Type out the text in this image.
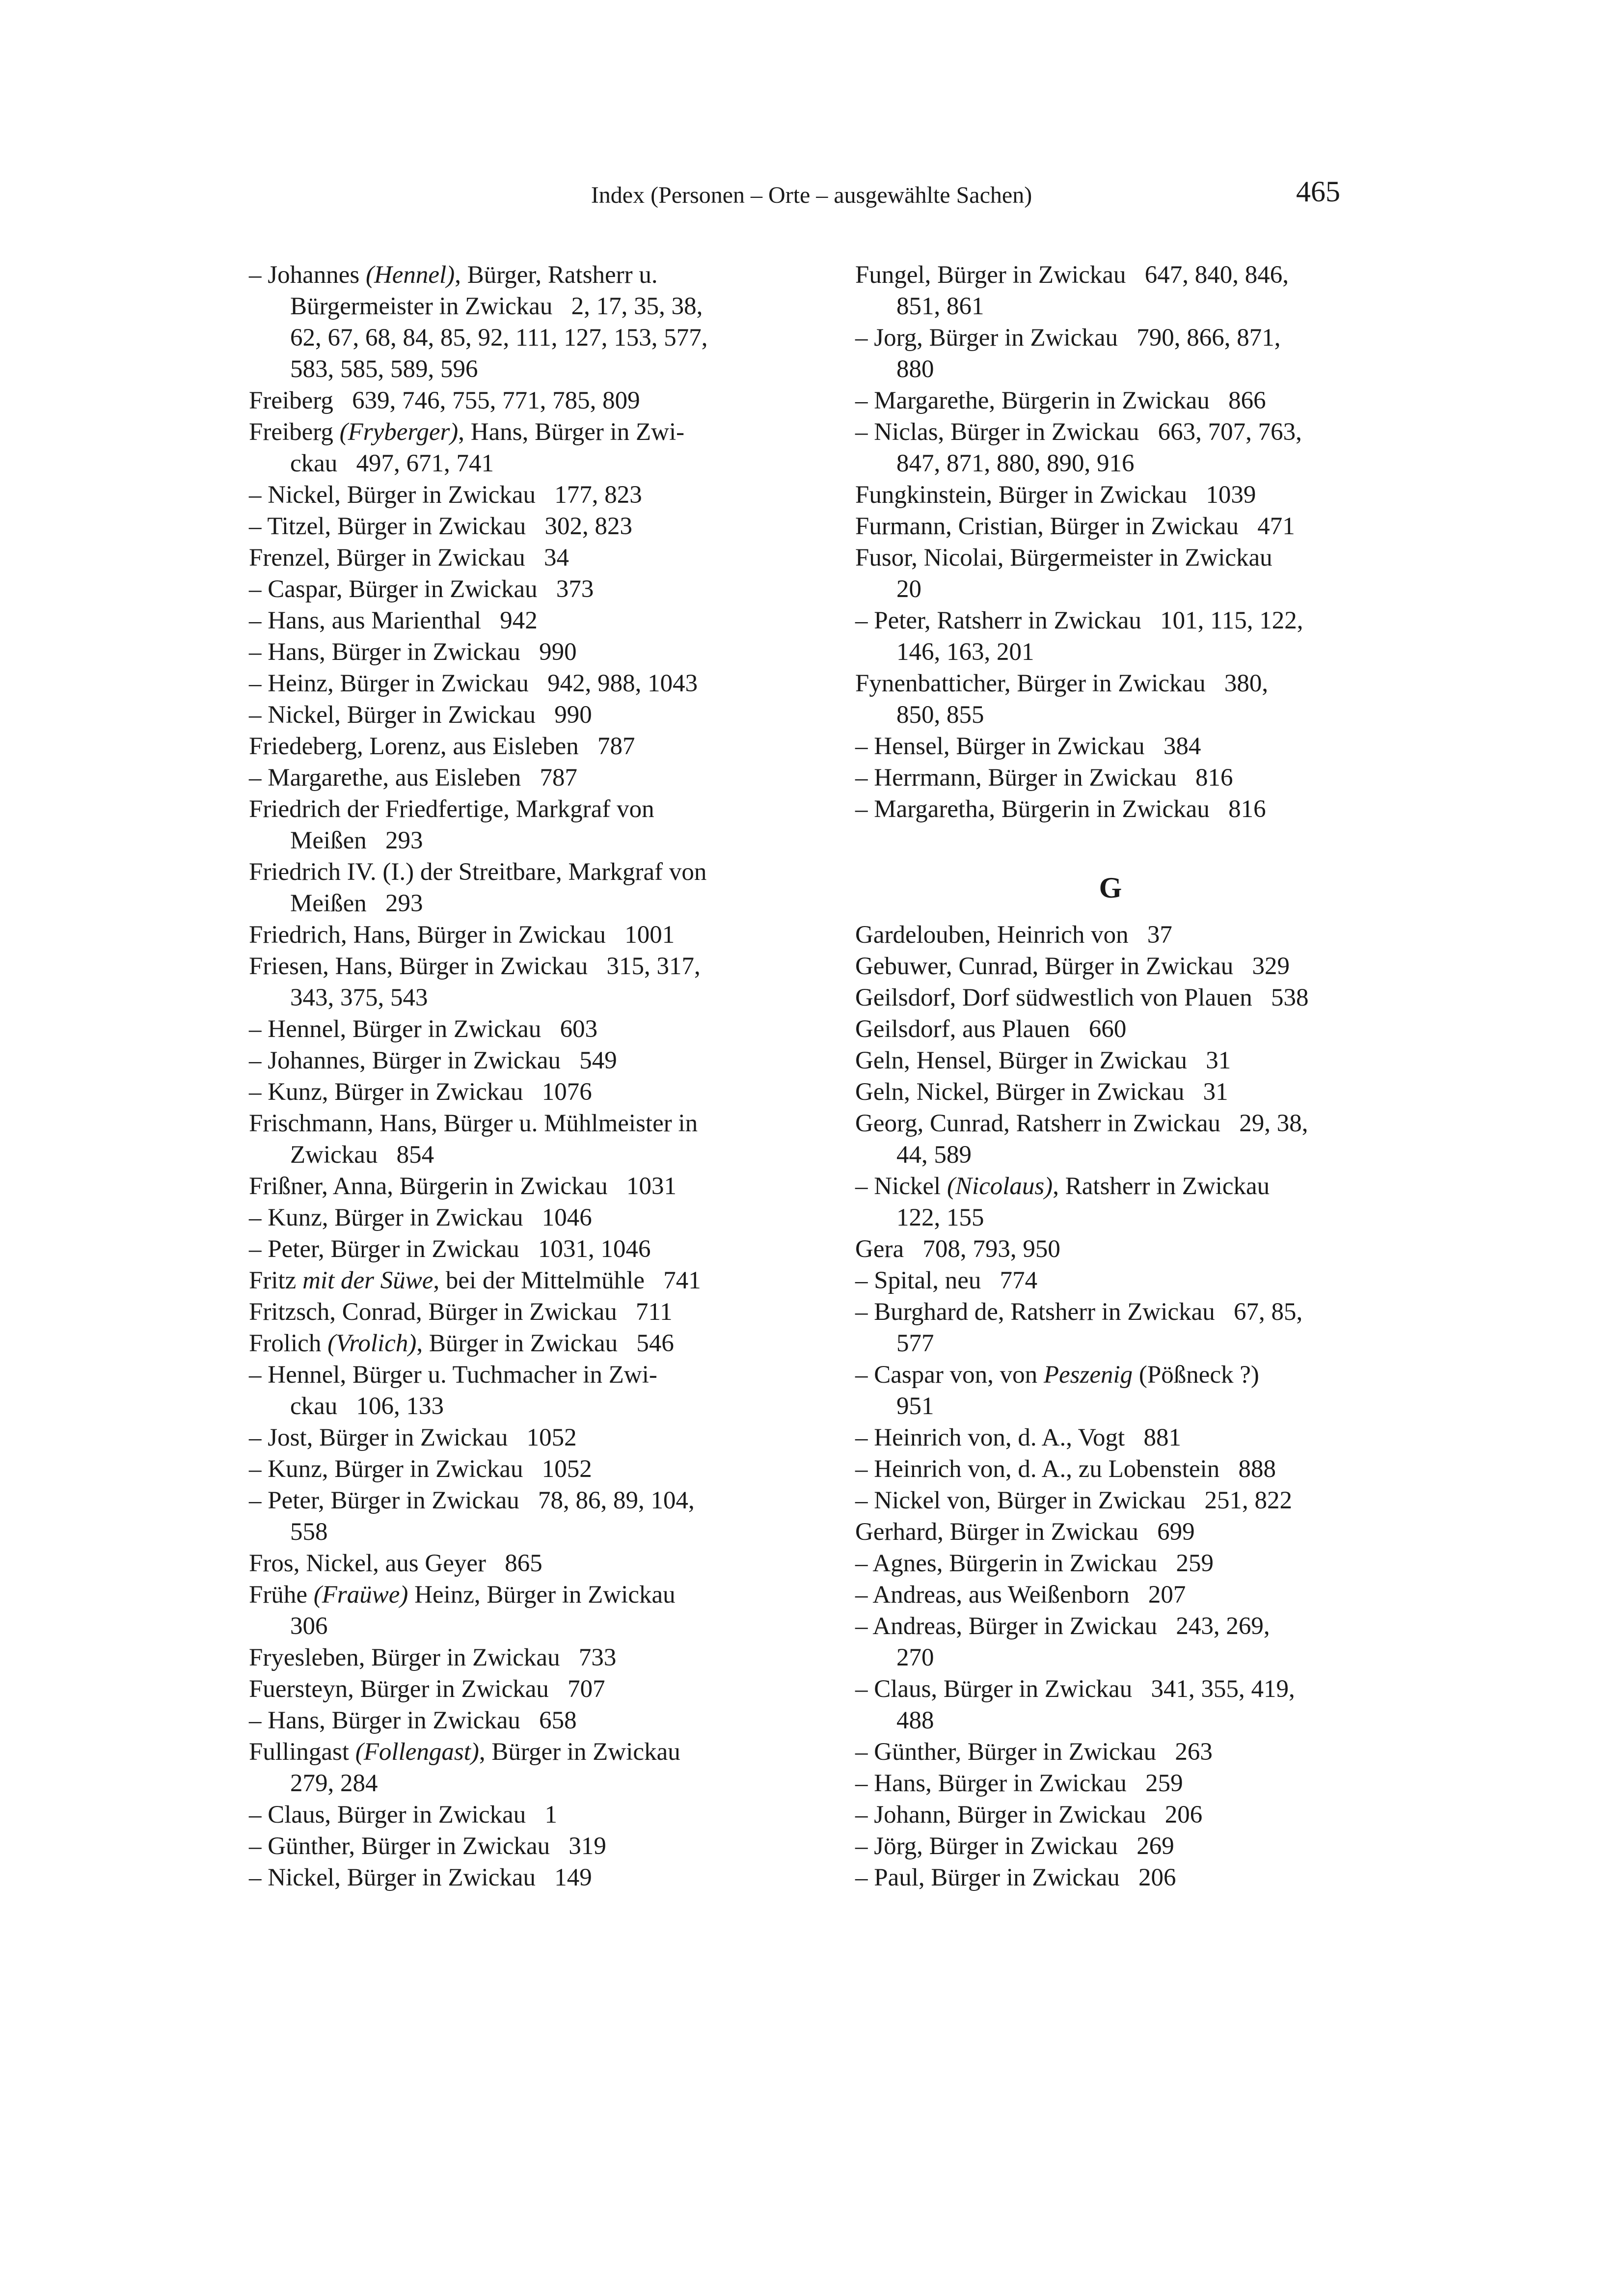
Index (Personen – Orte – ausgewählte Sachen)	465
– Johannes (Hennel), Bürger, Ratsherr u.
Bürgermeister in Zwickau   2, 17, 35, 38,
62, 67, 68, 84, 85, 92, 111, 127, 153, 577,
583, 585, 589, 596
Freiberg   639, 746, 755, 771, 785, 809
Freiberg (Fryberger), Hans, Bürger in Zwi-
ckau   497, 671, 741
– Nickel, Bürger in Zwickau   177, 823
– Titzel, Bürger in Zwickau   302, 823
Frenzel, Bürger in Zwickau   34
– Caspar, Bürger in Zwickau   373
– Hans, aus Marienthal   942
– Hans, Bürger in Zwickau   990
– Heinz, Bürger in Zwickau   942, 988, 1043
– Nickel, Bürger in Zwickau   990
Friedeberg, Lorenz, aus Eisleben   787
– Margarethe, aus Eisleben   787
Friedrich der Friedfertige, Markgraf von
Meißen   293
Friedrich IV. (I.) der Streitbare, Markgraf von
Meißen   293
Friedrich, Hans, Bürger in Zwickau   1001
Friesen, Hans, Bürger in Zwickau   315, 317,
343, 375, 543
– Hennel, Bürger in Zwickau   603
– Johannes, Bürger in Zwickau   549
– Kunz, Bürger in Zwickau   1076
Frischmann, Hans, Bürger u. Mühlmeister in
Zwickau   854
Frißner, Anna, Bürgerin in Zwickau   1031
– Kunz, Bürger in Zwickau   1046
– Peter, Bürger in Zwickau   1031, 1046
Fritz mit der Süwe, bei der Mittelmühle   741
Fritzsch, Conrad, Bürger in Zwickau   711
Frolich (Vrolich), Bürger in Zwickau   546
– Hennel, Bürger u. Tuchmacher in Zwi-
ckau   106, 133
– Jost, Bürger in Zwickau   1052
– Kunz, Bürger in Zwickau   1052
– Peter, Bürger in Zwickau   78, 86, 89, 104,
558
Fros, Nickel, aus Geyer   865
Frühe (Fraüwe) Heinz, Bürger in Zwickau
306
Fryesleben, Bürger in Zwickau   733
Fuersteyn, Bürger in Zwickau   707
– Hans, Bürger in Zwickau   658
Fullingast (Follengast), Bürger in Zwickau
279, 284
– Claus, Bürger in Zwickau   1
– Günther, Bürger in Zwickau   319
– Nickel, Bürger in Zwickau   149
Fungel, Bürger in Zwickau   647, 840, 846,
851, 861
– Jorg, Bürger in Zwickau   790, 866, 871,
880
– Margarethe, Bürgerin in Zwickau   866
– Niclas, Bürger in Zwickau   663, 707, 763,
847, 871, 880, 890, 916
Fungkinstein, Bürger in Zwickau   1039
Furmann, Cristian, Bürger in Zwickau   471
Fusor, Nicolai, Bürgermeister in Zwickau
20
– Peter, Ratsherr in Zwickau   101, 115, 122,
146, 163, 201
Fynenbatticher, Bürger in Zwickau   380,
850, 855
– Hensel, Bürger in Zwickau   384
– Herrmann, Bürger in Zwickau   816
– Margaretha, Bürgerin in Zwickau   816
G
Gardelouben, Heinrich von   37
Gebuwer, Cunrad, Bürger in Zwickau   329
Geilsdorf, Dorf südwestlich von Plauen   538
Geilsdorf, aus Plauen   660
Geln, Hensel, Bürger in Zwickau   31
Geln, Nickel, Bürger in Zwickau   31
Georg, Cunrad, Ratsherr in Zwickau   29, 38,
44, 589
– Nickel (Nicolaus), Ratsherr in Zwickau
122, 155
Gera   708, 793, 950
– Spital, neu   774
– Burghard de, Ratsherr in Zwickau   67, 85,
577
– Caspar von, von Peszenig (Pößneck ?)
951
– Heinrich von, d. A., Vogt   881
– Heinrich von, d. A., zu Lobenstein   888
– Nickel von, Bürger in Zwickau   251, 822
Gerhard, Bürger in Zwickau   699
– Agnes, Bürgerin in Zwickau   259
– Andreas, aus Weißenborn   207
– Andreas, Bürger in Zwickau   243, 269,
270
– Claus, Bürger in Zwickau   341, 355, 419,
488
– Günther, Bürger in Zwickau   263
– Hans, Bürger in Zwickau   259
– Johann, Bürger in Zwickau   206
– Jörg, Bürger in Zwickau   269
– Paul, Bürger in Zwickau   206
